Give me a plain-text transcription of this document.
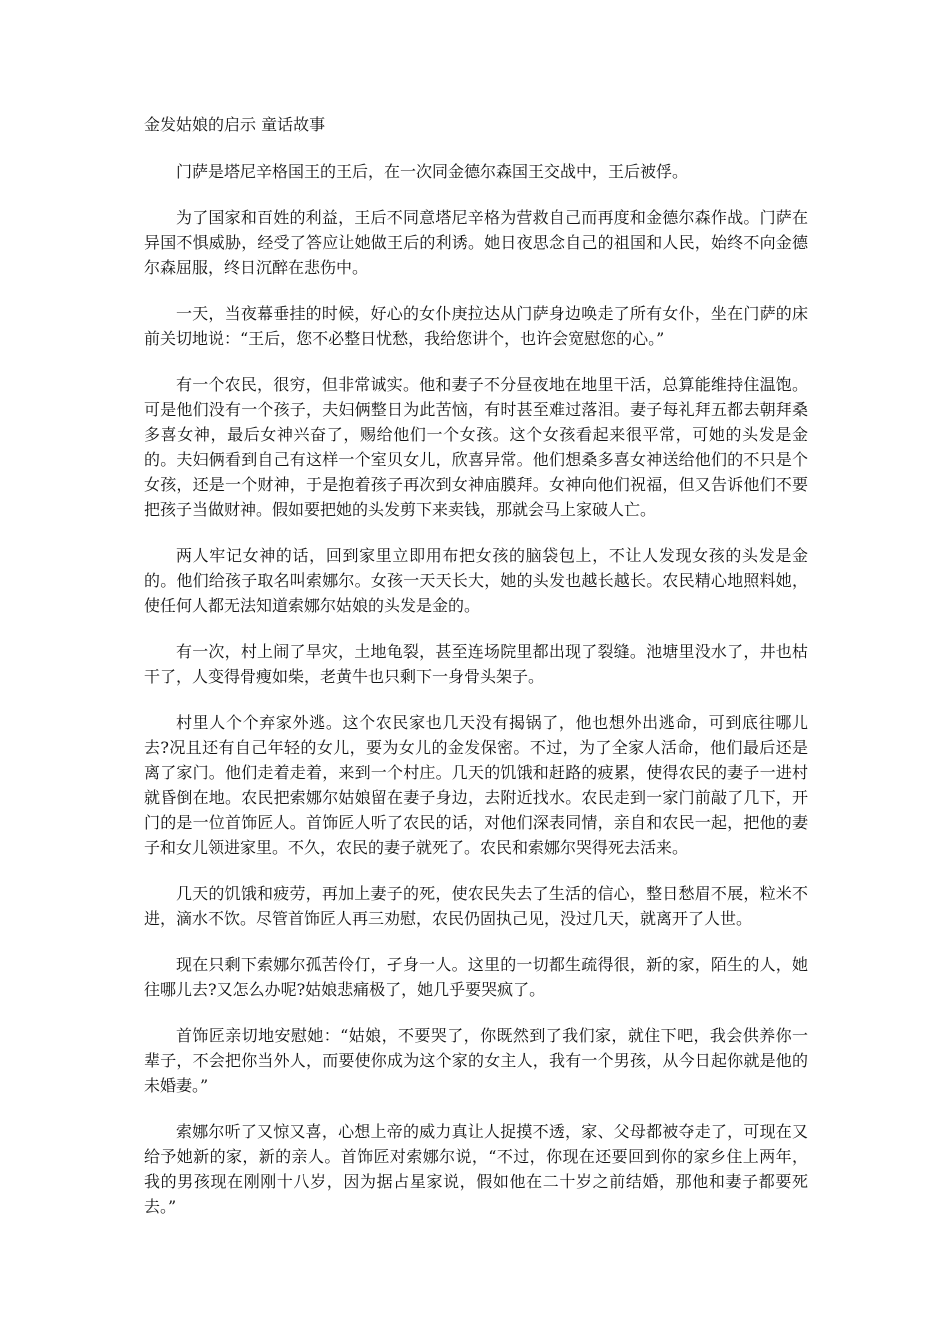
金发姑娘的启示 童话故事

门萨是塔尼辛格国王的王后，在一次同金德尔森国王交战中，王后被俘。

为了国家和百姓的利益，王后不同意塔尼辛格为营救自己而再度和金德尔森作战。门萨在异国不惧威胁，经受了答应让她做王后的利诱。她日夜思念自己的祖国和人民，始终不向金德尔森屈服，终日沉醉在悲伤中。

一天，当夜幕垂挂的时候，好心的女仆庚拉达从门萨身边唤走了所有女仆，坐在门萨的床前关切地说：“王后，您不必整日忧愁，我给您讲个，也许会宽慰您的心。”

有一个农民，很穷，但非常诚实。他和妻子不分昼夜地在地里干活，总算能维持住温饱。可是他们没有一个孩子，夫妇俩整日为此苦恼，有时甚至难过落泪。妻子每礼拜五都去朝拜桑多喜女神，最后女神兴奋了，赐给他们一个女孩。这个女孩看起来很平常，可她的头发是金的。夫妇俩看到自己有这样一个室贝女儿，欣喜异常。他们想桑多喜女神送给他们的不只是个女孩，还是一个财神，于是抱着孩子再次到女神庙膜拜。女神向他们祝福，但又告诉他们不要把孩子当做财神。假如要把她的头发剪下来卖钱，那就会马上家破人亡。

两人牢记女神的话，回到家里立即用布把女孩的脑袋包上，不让人发现女孩的头发是金的。他们给孩子取名叫索娜尔。女孩一天天长大，她的头发也越长越长。农民精心地照料她，使任何人都无法知道索娜尔姑娘的头发是金的。

有一次，村上闹了旱灾，土地龟裂，甚至连场院里都出现了裂缝。池塘里没水了，井也枯干了，人变得骨瘦如柴，老黄牛也只剩下一身骨头架子。

村里人个个弃家外逃。这个农民家也几天没有揭锅了，他也想外出逃命，可到底往哪儿去?况且还有自己年轻的女儿，要为女儿的金发保密。不过，为了全家人活命，他们最后还是离了家门。他们走着走着，来到一个村庄。几天的饥饿和赶路的疲累，使得农民的妻子一进村就昏倒在地。农民把索娜尔姑娘留在妻子身边，去附近找水。农民走到一家门前敲了几下，开门的是一位首饰匠人。首饰匠人听了农民的话，对他们深表同情，亲自和农民一起，把他的妻子和女儿领进家里。不久，农民的妻子就死了。农民和索娜尔哭得死去活来。

几天的饥饿和疲劳，再加上妻子的死，使农民失去了生活的信心，整日愁眉不展，粒米不进，滴水不饮。尽管首饰匠人再三劝慰，农民仍固执己见，没过几天，就离开了人世。

现在只剩下索娜尔孤苦伶仃，孑身一人。这里的一切都生疏得很，新的家，陌生的人，她往哪儿去?又怎么办呢?姑娘悲痛极了，她几乎要哭疯了。

首饰匠亲切地安慰她：“姑娘，不要哭了，你既然到了我们家，就住下吧，我会供养你一辈子，不会把你当外人，而要使你成为这个家的女主人，我有一个男孩，从今日起你就是他的未婚妻。”

索娜尔听了又惊又喜，心想上帝的威力真让人捉摸不透，家、父母都被夺走了，可现在又给予她新的家，新的亲人。首饰匠对索娜尔说，“不过，你现在还要回到你的家乡住上两年，我的男孩现在刚刚十八岁，因为据占星家说，假如他在二十岁之前结婚，那他和妻子都要死去。”
